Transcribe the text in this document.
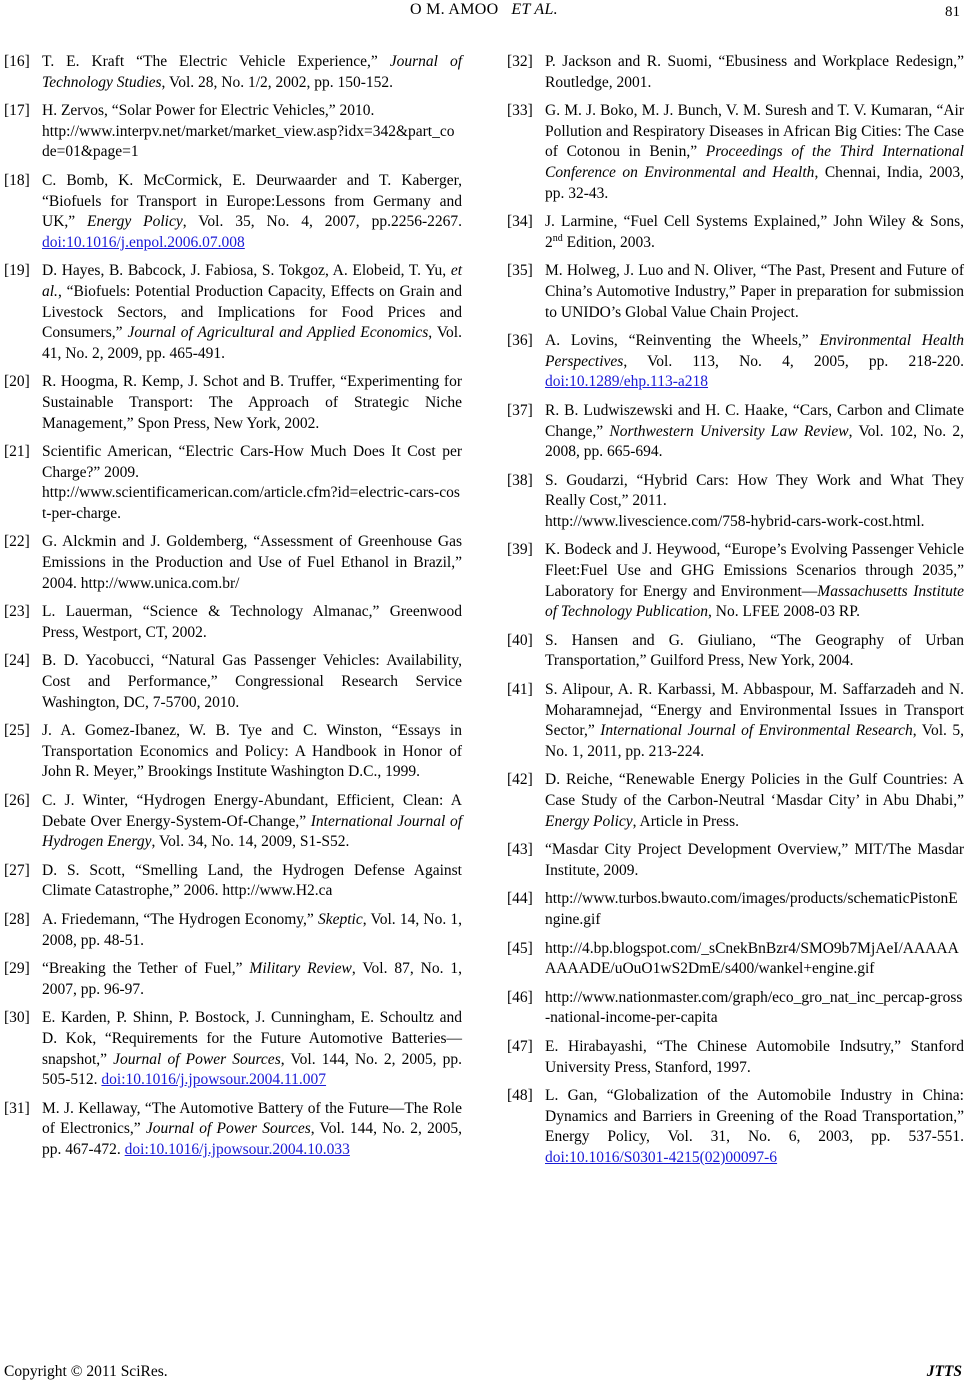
O M. AMOO ET AL.	81
[16] T. E. Kraft “The Electric Vehicle Experience,” Journal of Technology Studies, Vol. 28, No. 1/2, 2002, pp. 150-152.
[17] H. Zervos, “Solar Power for Electric Vehicles,” 2010.
http://www.interpv.net/market/market_view.asp?idx=342&part_code=01&page=1
[18] C. Bomb, K. McCormick, E. Deurwaarder and T. Kaberger, “Biofuels for Transport in Europe:Lessons from Germany and UK,” Energy Policy, Vol. 35, No. 4, 2007, pp.2256-2267. doi:10.1016/j.enpol.2006.07.008
[19] D. Hayes, B. Babcock, J. Fabiosa, S. Tokgoz, A. Elobeid, T. Yu, et al., “Biofuels: Potential Production Capacity, Effects on Grain and Livestock Sectors, and Implications for Food Prices and Consumers,” Journal of Agricultural and Applied Economics, Vol. 41, No. 2, 2009, pp. 465-491.
[20] R. Hoogma, R. Kemp, J. Schot and B. Truffer, “Experimenting for Sustainable Transport: The Approach of Strategic Niche Management,” Spon Press, New York, 2002.
[21] Scientific American, “Electric Cars-How Much Does It Cost per Charge?” 2009.
http://www.scientificamerican.com/article.cfm?id=electric-cars-cost-per-charge.
[22] G. Alckmin and J. Goldemberg, “Assessment of Greenhouse Gas Emissions in the Production and Use of Fuel Ethanol in Brazil,” 2004. http://www.unica.com.br/
[23] L. Lauerman, “Science & Technology Almanac,” Greenwood Press, Westport, CT, 2002.
[24] B. D. Yacobucci, “Natural Gas Passenger Vehicles: Availability, Cost and Performance,” Congressional Research Service Washington, DC, 7-5700, 2010.
[25] J. A. Gomez-Ibanez, W. B. Tye and C. Winston, “Essays in Transportation Economics and Policy: A Handbook in Honor of John R. Meyer,” Brookings Institute Washington D.C., 1999.
[26] C. J. Winter, “Hydrogen Energy-Abundant, Efficient, Clean: A Debate Over Energy-System-Of-Change,” International Journal of Hydrogen Energy, Vol. 34, No. 14, 2009, S1-S52.
[27] D. S. Scott, “Smelling Land, the Hydrogen Defense Against Climate Catastrophe,” 2006. http://www.H2.ca
[28] A. Friedemann, “The Hydrogen Economy,” Skeptic, Vol. 14, No. 1, 2008, pp. 48-51.
[29] “Breaking the Tether of Fuel,” Military Review, Vol. 87, No. 1, 2007, pp. 96-97.
[30] E. Karden, P. Shinn, P. Bostock, J. Cunningham, E. Schoultz and D. Kok, “Requirements for the Future Automotive Batteries—snapshot,” Journal of Power Sources, Vol. 144, No. 2, 2005, pp. 505-512. doi:10.1016/j.jpowsour.2004.11.007
[31] M. J. Kellaway, “The Automotive Battery of the Future—The Role of Electronics,” Journal of Power Sources, Vol. 144, No. 2, 2005, pp. 467-472. doi:10.1016/j.jpowsour.2004.10.033
[32] P. Jackson and R. Suomi, “Ebusiness and Workplace Redesign,” Routledge, 2001.
[33] G. M. J. Boko, M. J. Bunch, V. M. Suresh and T. V. Kumaran, “Air Pollution and Respiratory Diseases in African Big Cities: The Case of Cotonou in Benin,” Proceedings of the Third International Conference on Environmental and Health, Chennai, India, 2003, pp. 32-43.
[34] J. Larmine, “Fuel Cell Systems Explained,” John Wiley & Sons, 2nd Edition, 2003.
[35] M. Holweg, J. Luo and N. Oliver, “The Past, Present and Future of China’s Automotive Industry,” Paper in preparation for submission to UNIDO’s Global Value Chain Project.
[36] A. Lovins, “Reinventing the Wheels,” Environmental Health Perspectives, Vol. 113, No. 4, 2005, pp. 218-220. doi:10.1289/ehp.113-a218
[37] R. B. Ludwiszewski and H. C. Haake, “Cars, Carbon and Climate Change,” Northwestern University Law Review, Vol. 102, No. 2, 2008, pp. 665-694.
[38] S. Goudarzi, “Hybrid Cars: How They Work and What They Really Cost,” 2011.
http://www.livescience.com/758-hybrid-cars-work-cost.html.
[39] K. Bodeck and J. Heywood, “Europe’s Evolving Passenger Vehicle Fleet:Fuel Use and GHG Emissions Scenarios through 2035,” Laboratory for Energy and Environment—Massachusetts Institute of Technology Publication, No. LFEE 2008-03 RP.
[40] S. Hansen and G. Giuliano, “The Geography of Urban Transportation,” Guilford Press, New York, 2004.
[41] S. Alipour, A. R. Karbassi, M. Abbaspour, M. Saffarzadeh and N. Moharamnejad, “Energy and Environmental Issues in Transport Sector,” International Journal of Environmental Research, Vol. 5, No. 1, 2011, pp. 213-224.
[42] D. Reiche, “Renewable Energy Policies in the Gulf Countries: A Case Study of the Carbon-Neutral ‘Masdar City’ in Abu Dhabi,” Energy Policy, Article in Press.
[43] “Masdar City Project Development Overview,” MIT/The Masdar Institute, 2009.
[44] http://www.turbos.bwauto.com/images/products/schematicPistonEngine.gif
[45] http://4.bp.blogspot.com/_sCnekBnBzr4/SMO9b7MjAeI/AAAAAAAAADE/uOuO1wS2DmE/s400/wankel+engine.gif
[46] http://www.nationmaster.com/graph/eco_gro_nat_inc_percap-gross-national-income-per-capita
[47] E. Hirabayashi, “The Chinese Automobile Indsutry,” Stanford University Press, Stanford, 1997.
[48] L. Gan, “Globalization of the Automobile Industry in China: Dynamics and Barriers in Greening of the Road Transportation,” Energy Policy, Vol. 31, No. 6, 2003, pp. 537-551. doi:10.1016/S0301-4215(02)00097-6
Copyright © 2011 SciRes.	JTTS
